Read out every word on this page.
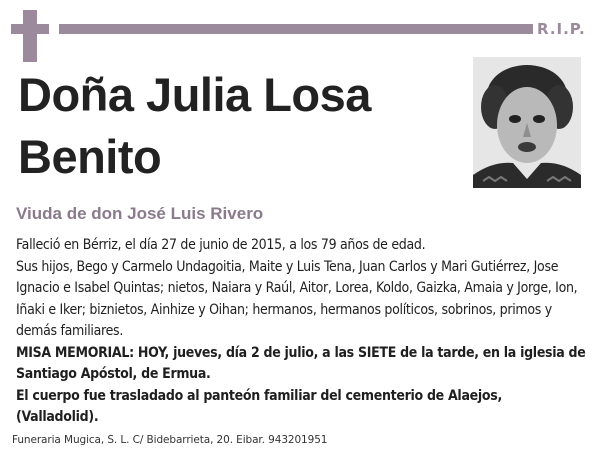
R.I.P.
Doña Julia Losa
Benito
Viuda de don José Luis Rivero

Falleció en Bérriz, el día 27 de junio de 2015, a los 79 años de edad.

Sus hijos, Bego y Carmelo Undagoitia, Maite y Luis Tena, Juan Carlos y Mari Gutiérrez, Jose Ignacio e Isabel Quintas; nietos, Naiara y Raúl, Aitor, Lorea, Koldo, Gaizka, Amaia y Jorge, Ion, Iñaki e Iker; biznietos, Ainhize y Oihan; hermanos, hermanos políticos, sobrinos, primos y demás familiares.

MISA MEMORIAL: HOY, jueves, día 2 de julio, a las SIETE de la tarde, en la iglesia de Santiago Apóstol, de Ermua.

El cuerpo fue trasladado al panteón familiar del cementerio de Alaejos, (Valladolid).

Funeraria Mugica, S. L. C/ Bidebarrieta, 20. Eibar. 943201951
